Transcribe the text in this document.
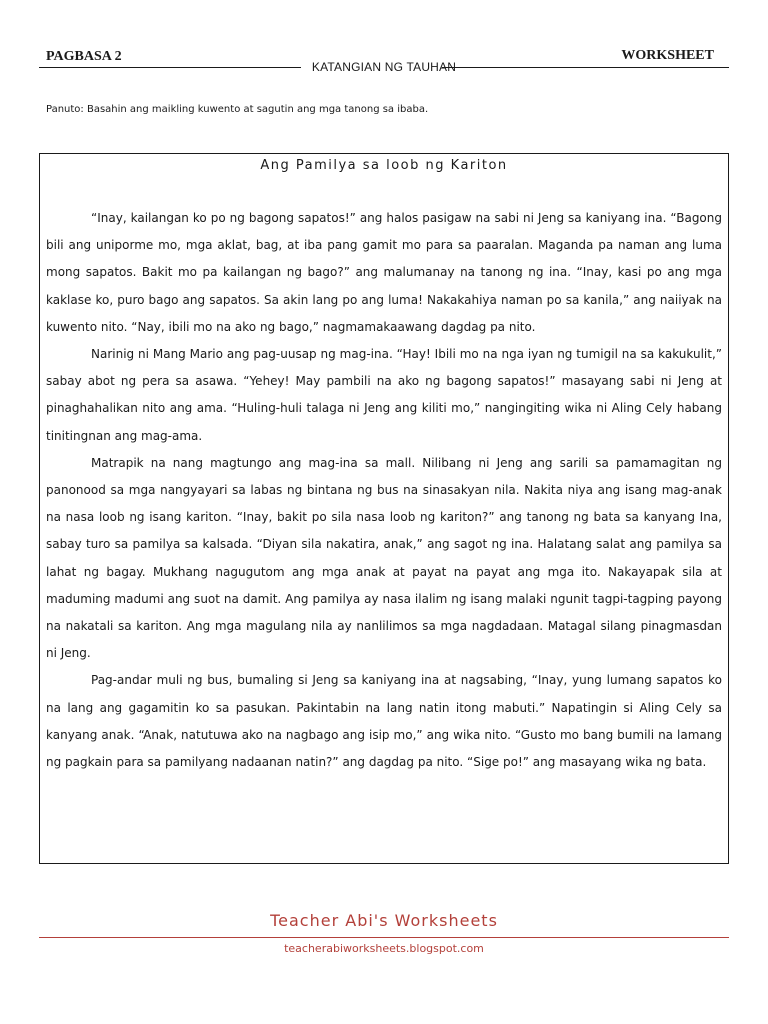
PAGBASA 2	WORKSHEET
KATANGIAN NG TAUHAN
Panuto: Basahin ang maikling kuwento at sagutin ang mga tanong sa ibaba.
Ang Pamilya sa loob ng Kariton

“Inay, kailangan ko po ng bagong sapatos!” ang halos pasigaw na sabi ni Jeng sa kaniyang ina. “Bagong bili ang uniporme mo, mga aklat, bag, at iba pang gamit mo para sa paaralan. Maganda pa naman ang luma mong sapatos. Bakit mo pa kailangan ng bago?” ang malumanay na tanong ng ina. “Inay, kasi po ang mga kaklase ko, puro bago ang sapatos. Sa akin lang po ang luma! Nakakahiya naman po sa kanila,” ang naiiyak na kuwento nito. “Nay, ibili mo na ako ng bago,” nagmamakaawang dagdag pa nito.

Narinig ni Mang Mario ang pag-uusap ng mag-ina. “Hay! Ibili mo na nga iyan ng tumigil na sa kakukulit,” sabay abot ng pera sa asawa. “Yehey! May pambili na ako ng bagong sapatos!” masayang sabi ni Jeng at pinaghahalikan nito ang ama. “Huling-huli talaga ni Jeng ang kiliti mo,” nangingiting wika ni Aling Cely habang tinitingnan ang mag-ama.

Matrapik na nang magtungo ang mag-ina sa mall. Nilibang ni Jeng ang sarili sa pamamagitan ng panonood sa mga nangyayari sa labas ng bintana ng bus na sinasakyan nila. Nakita niya ang isang mag-anak na nasa loob ng isang kariton. “Inay, bakit po sila nasa loob ng kariton?” ang tanong ng bata sa kanyang Ina, sabay turo sa pamilya sa kalsada. “Diyan sila nakatira, anak,” ang sagot ng ina. Halatang salat ang pamilya sa lahat ng bagay. Mukhang nagugutom ang mga anak at payat na payat ang mga ito. Nakayapak sila at maduming madumi ang suot na damit. Ang pamilya ay nasa ilalim ng isang malaki ngunit tagpi-tagping payong na nakatali sa kariton. Ang mga magulang nila ay nanlilimos sa mga nagdadaan. Matagal silang pinagmasdan ni Jeng.

Pag-andar muli ng bus, bumaling si Jeng sa kaniyang ina at nagsabing, “Inay, yung lumang sapatos ko na lang ang gagamitin ko sa pasukan. Pakintabin na lang natin itong mabuti.” Napatingin si Aling Cely sa kanyang anak. “Anak, natutuwa ako na nagbago ang isip mo,” ang wika nito. “Gusto mo bang bumili na lamang ng pagkain para sa pamilyang nadaanan natin?” ang dagdag pa nito. “Sige po!” ang masayang wika ng bata.

Teacher Abi's Worksheets
teacherabiworksheets.blogspot.com
